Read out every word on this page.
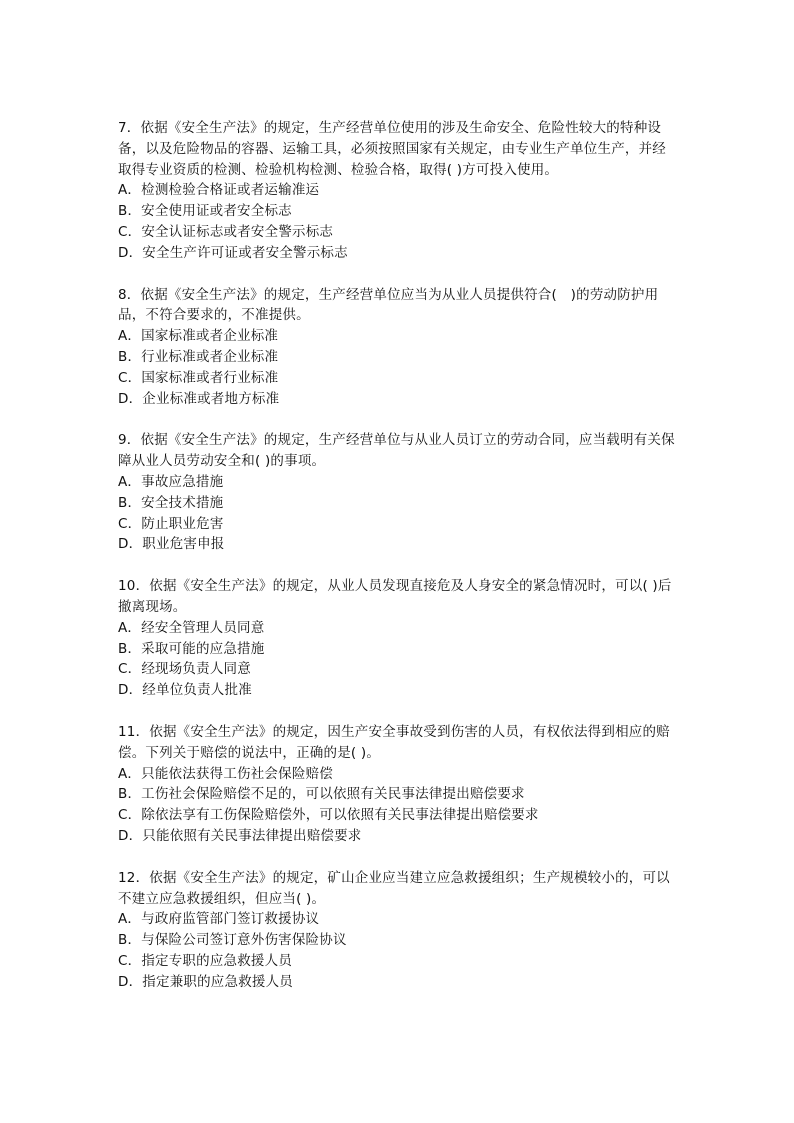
7．依据《安全生产法》的规定，生产经营单位使用的涉及生命安全、危险性较大的特种设备，以及危险物品的容器、运输工具，必须按照国家有关规定，由专业生产单位生产，并经取得专业资质的检测、检验机构检测、检验合格，取得( )方可投入使用。

A．检测检验合格证或者运输准运

B．安全使用证或者安全标志

C．安全认证标志或者安全警示标志

D．安全生产许可证或者安全警示标志

8．依据《安全生产法》的规定，生产经营单位应当为从业人员提供符合(　)的劳动防护用品，不符合要求的，不准提供。

A．国家标准或者企业标准

B．行业标准或者企业标准

C．国家标准或者行业标准

D．企业标准或者地方标准

9．依据《安全生产法》的规定，生产经营单位与从业人员订立的劳动合同，应当载明有关保障从业人员劳动安全和( )的事项。

A．事故应急措施

B．安全技术措施

C．防止职业危害

D．职业危害申报

10．依据《安全生产法》的规定，从业人员发现直接危及人身安全的紧急情况时，可以( )后撤离现场。

A．经安全管理人员同意

B．采取可能的应急措施

C．经现场负责人同意

D．经单位负责人批准

11．依据《安全生产法》的规定，因生产安全事故受到伤害的人员，有权依法得到相应的赔偿。下列关于赔偿的说法中，正确的是( )。

A．只能依法获得工伤社会保险赔偿

B．工伤社会保险赔偿不足的，可以依照有关民事法律提出赔偿要求

C．除依法享有工伤保险赔偿外，可以依照有关民事法律提出赔偿要求

D．只能依照有关民事法律提出赔偿要求

12．依据《安全生产法》的规定，矿山企业应当建立应急救援组织；生产规模较小的，可以不建立应急救援组织，但应当( )。

A．与政府监管部门签订救援协议

B．与保险公司签订意外伤害保险协议

C．指定专职的应急救援人员

D．指定兼职的应急救援人员
